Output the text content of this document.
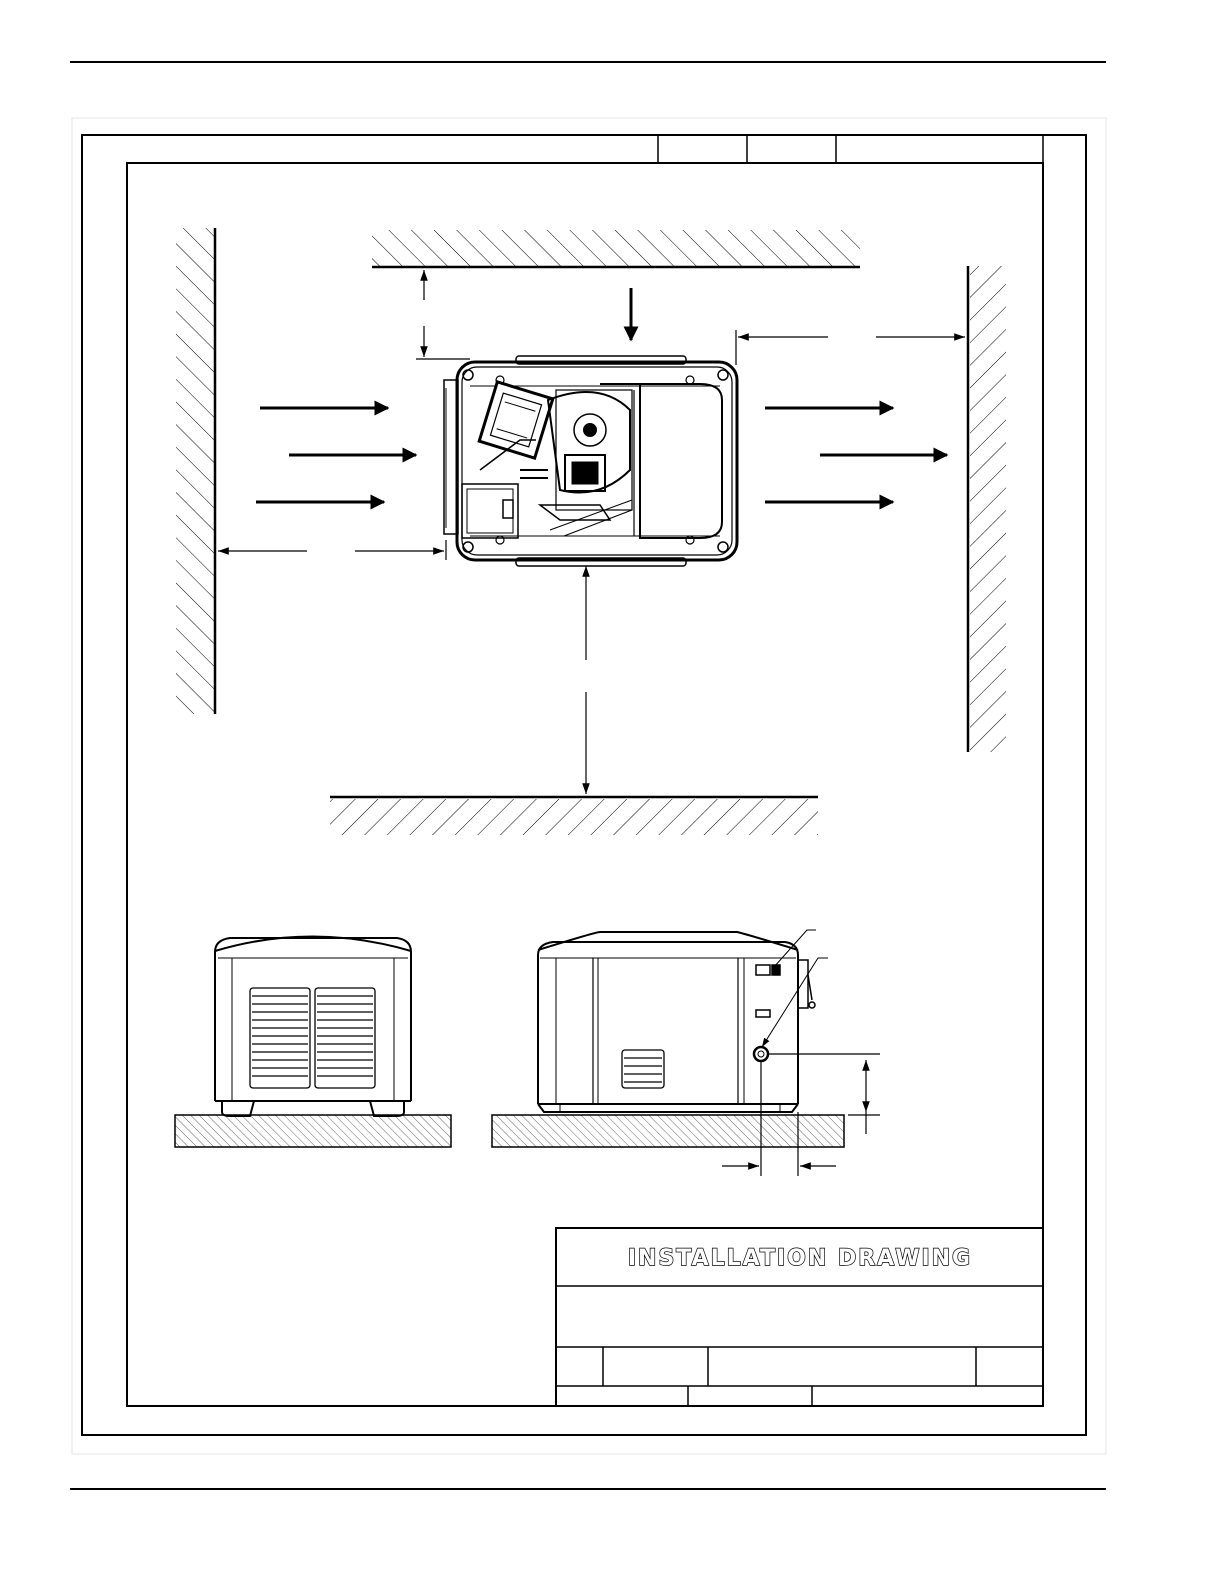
INSTALLATION DRAWING
